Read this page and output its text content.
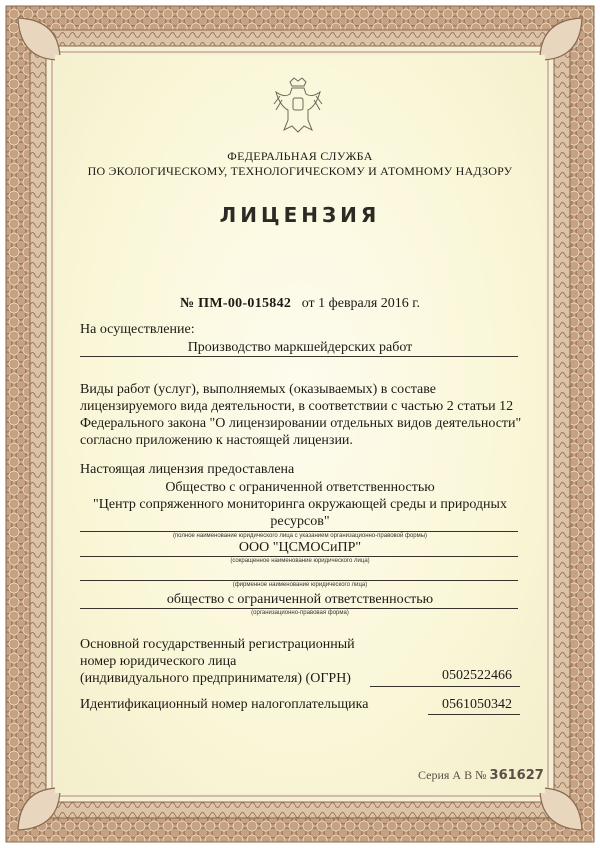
ФЕДЕРАЛЬНАЯ СЛУЖБА
ПО ЭКОЛОГИЧЕСКОМУ, ТЕХНОЛОГИЧЕСКОМУ И АТОМНОМУ НАДЗОРУ
ЛИЦЕНЗИЯ
№ ПМ-00-015842 от 1 февраля 2016 г.
На осуществление:
Производство маркшейдерских работ
Виды работ (услуг), выполняемых (оказываемых) в составе
лицензируемого вида деятельности, в соответствии с частью 2 статьи 12
Федерального закона "О лицензировании отдельных видов деятельности"
согласно приложению к настоящей лицензии.
Настоящая лицензия предоставлена
Общество с ограниченной ответственностью
"Центр сопряженного мониторинга окружающей среды и природных
ресурсов"
(полное наименование юридического лица с указанием организационно-правовой формы)
ООО "ЦСМОСиПР"
(сокращенное наименование юридического лица)
(фирменное наименование юридического лица)
общество с ограниченной ответственностью
(организационно-правовая форма)
Основной государственный регистрационный
номер юридического лица
(индивидуального предпринимателя) (ОГРН)	0502522466
Идентификационный номер налогоплательщика	0561050342
Серия А В № 361627
